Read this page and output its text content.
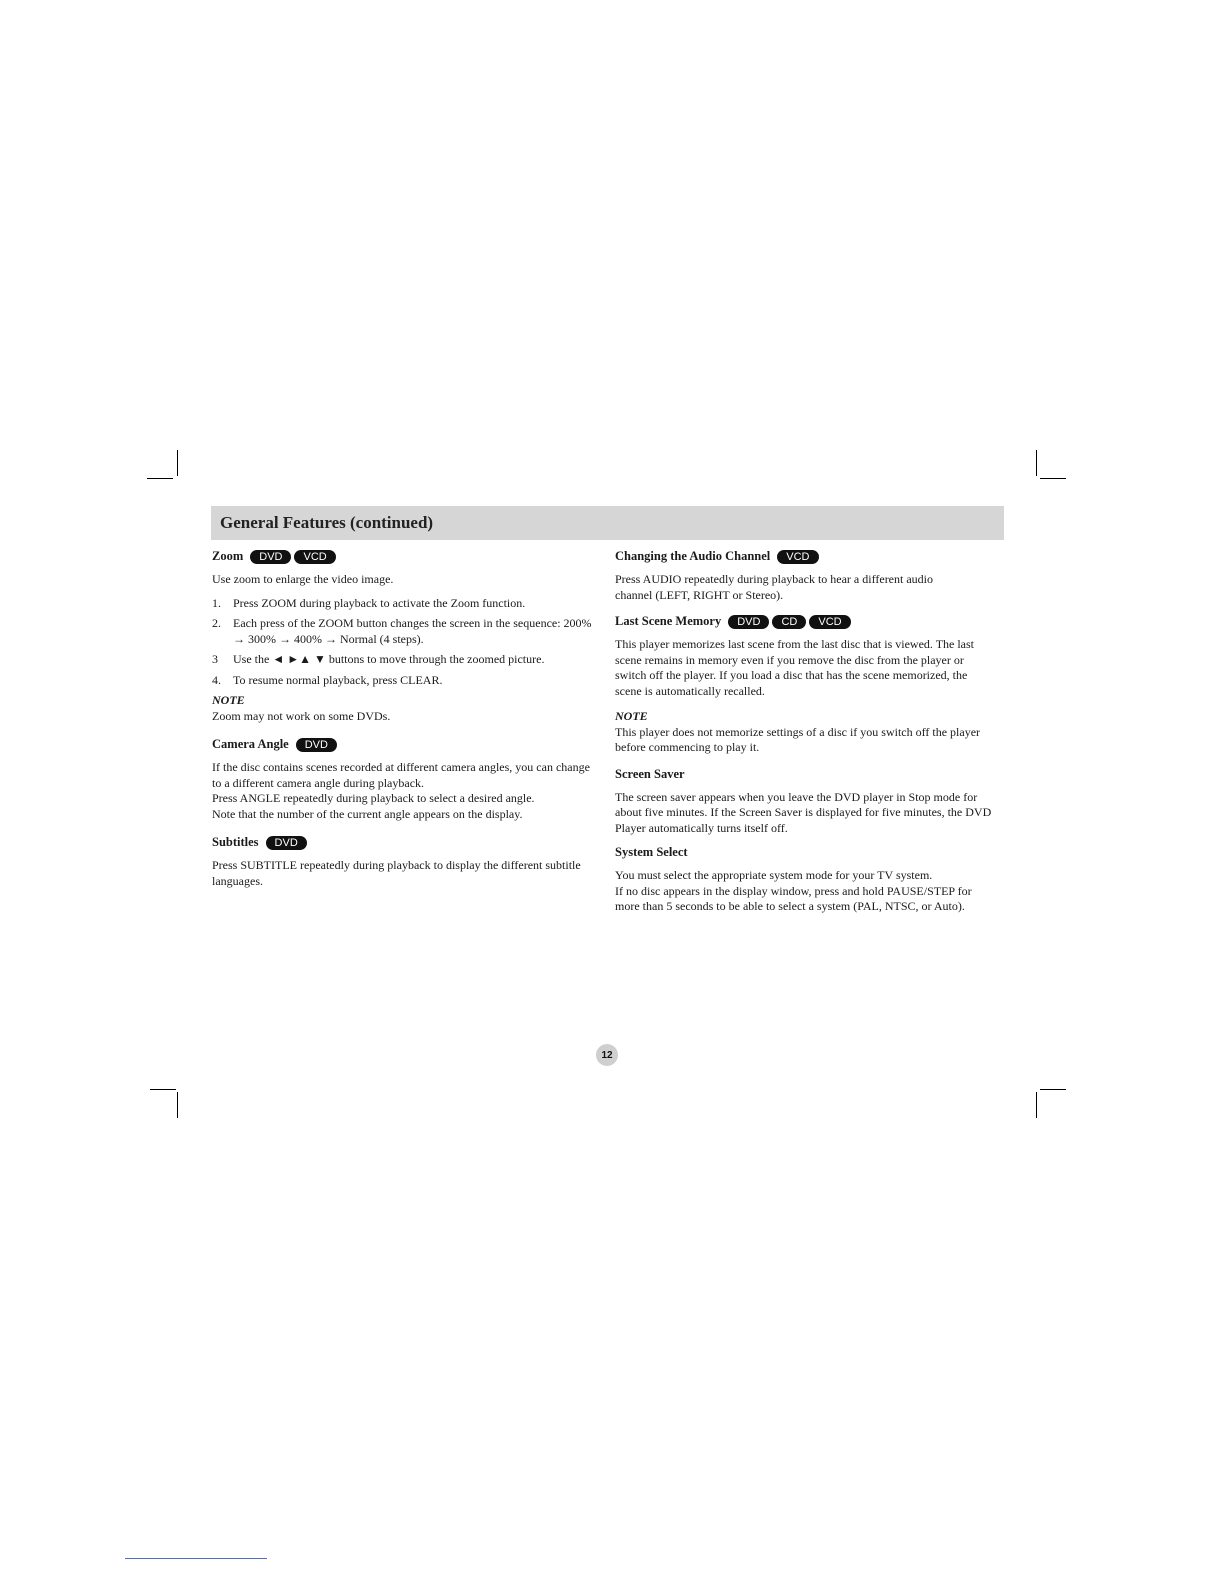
General Features (continued)
Zoom	DVD	VCD

Use zoom to enlarge the video image.

1.	Press ZOOM during playback to activate the Zoom function.
2.	Each press of the ZOOM button changes the screen in the sequence: 200% → 300% → 400% → Normal (4 steps).
3	Use the ◄ ►▲ ▼ buttons to move through the zoomed picture.
4.	To resume normal playback, press CLEAR.

NOTE

Zoom may not work on some DVDs.

Camera Angle	DVD

If the disc contains scenes recorded at different camera angles, you can change to a different camera angle during playback.

Press ANGLE repeatedly during playback to select a desired angle.

Note that the number of the current angle appears on the display.

Subtitles	DVD

Press SUBTITLE repeatedly during playback to display the different subtitle languages.

Changing the Audio Channel	VCD

Press AUDIO repeatedly during playback to hear a different audio channel (LEFT, RIGHT or Stereo).

Last Scene Memory	DVD	CD	VCD

This player memorizes last scene from the last disc that is viewed. The last scene remains in memory even if you remove the disc from the player or switch off the player. If you load a disc that has the scene memorized, the scene is automatically recalled.

NOTE

This player does not memorize settings of a disc if you switch off the player before commencing to play it.

Screen Saver

The screen saver appears when you leave the DVD player in Stop mode for about five minutes. If the Screen Saver is displayed for five minutes, the DVD Player automatically turns itself off.

System Select

You must select the appropriate system mode for your TV system.

If no disc appears in the display window, press and hold PAUSE/STEP for more than 5 seconds to be able to select a system (PAL, NTSC, or Auto).

12
